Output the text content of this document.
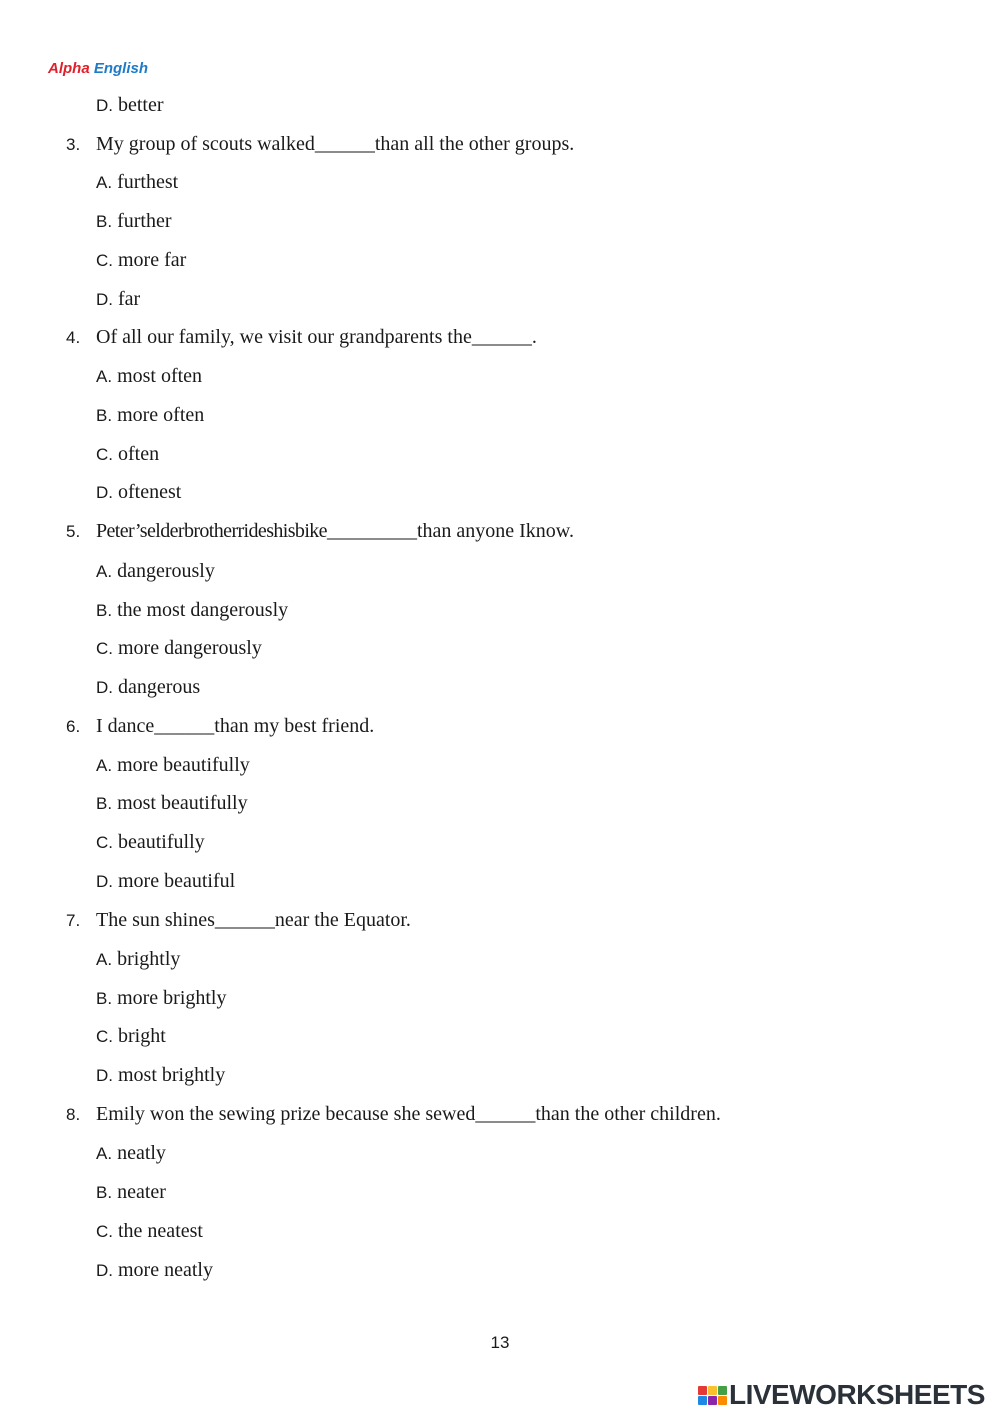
Alpha English
D. better
3. My group of scouts walked______than all the other groups.
A. furthest
B. further
C. more far
D. far
4. Of all our family, we visit our grandparents the______.
A. most often
B. more often
C. often
D. oftenest
5. Peter’selderbrotherrideshisbike_________than anyone Iknow.
A. dangerously
B. the most dangerously
C. more dangerously
D. dangerous
6. I dance______than my best friend.
A. more beautifully
B. most beautifully
C. beautifully
D. more beautiful
7. The sun shines______near the Equator.
A. brightly
B. more brightly
C. bright
D. most brightly
8. Emily won the sewing prize because she sewed______than the other children.
A. neatly
B. neater
C. the neatest
D. more neatly
13
LIVEWORKSHEETS
